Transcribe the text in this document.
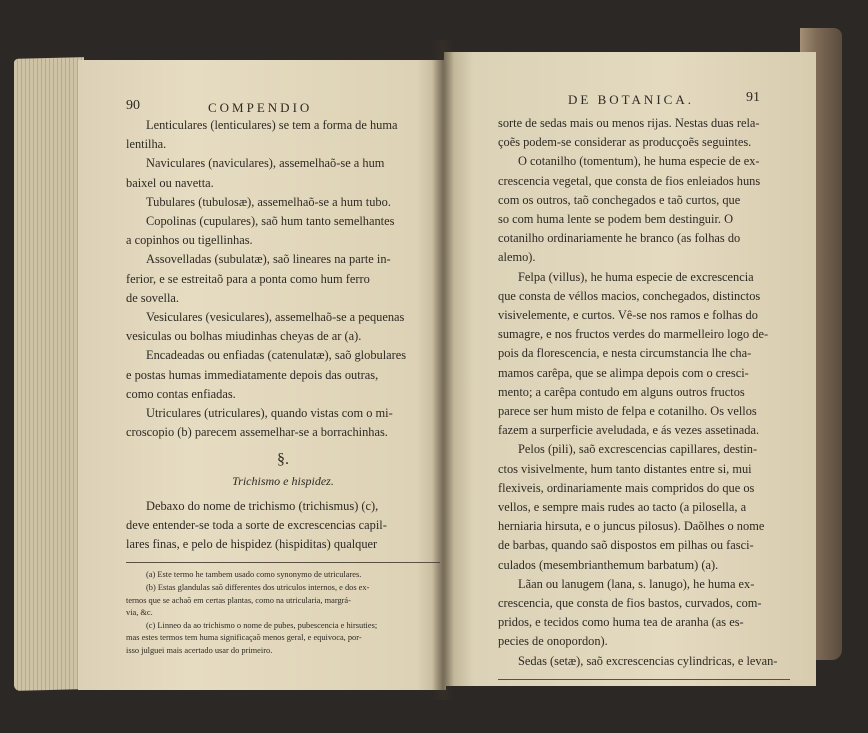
90	COMPENDIO

Lenticulares (lenticulares) se tem a forma de huma

lentilha.

Naviculares (naviculares), assemelhaõ-se a hum

baixel ou navetta.

Tubulares (tubulosæ), assemelhaõ-se a hum tubo.

Copolinas (cupulares), saõ hum tanto semelhantes

a copinhos ou tigellinhas.

Assovelladas (subulatæ), saõ lineares na parte in-

ferior, e se estreitaõ para a ponta como hum ferro

de sovella.

Vesiculares (vesiculares), assemelhaõ-se a pequenas

vesiculas ou bolhas miudinhas cheyas de ar (a).

Encadeadas ou enfiadas (catenulatæ), saõ globulares

e postas humas immediatamente depois das outras,

como contas enfiadas.

Utriculares (utriculares), quando vistas com o mi-

croscopio (b) parecem assemelhar-se a borrachinhas.

§.
Trichismo e hispidez.

Debaxo do nome de trichismo (trichismus) (c),

deve entender-se toda a sorte de excrescencias capil-

lares finas, e pelo de hispidez (hispiditas) qualquer

(a) Este termo he tambem usado como synonymo de utriculares.

(b) Estas glandulas saõ differentes dos utriculos internos, e dos ex-

ternos que se achaõ em certas plantas, como na utricularia, margrá-

via, &c.

(c) Linneo da ao trichismo o nome de pubes, pubescencia e hirsuties;

mas estes termos tem huma significaçaõ menos geral, e equivoca, por-

isso julguei mais acertado usar do primeiro.

DE BOTANICA.	91

sorte de sedas mais ou menos rijas. Nestas duas rela-

çoẽs podem-se considerar as producçoẽs seguintes.

O cotanilho (tomentum), he huma especie de ex-

crescencia vegetal, que consta de fios enleiados huns

com os outros, taõ conchegados e taõ curtos, que

so com huma lente se podem bem destinguir. O

cotanilho ordinariamente he branco (as folhas do

alemo).

Felpa (villus), he huma especie de excrescencia

que consta de véllos macios, conchegados, distinctos

visivelemente, e curtos. Vê-se nos ramos e folhas do

sumagre, e nos fructos verdes do marmelleiro logo de-

pois da florescencia, e nesta circumstancia lhe cha-

mamos carêpa, que se alimpa depois com o cresci-

mento; a carêpa contudo em alguns outros fructos

parece ser hum misto de felpa e cotanilho. Os vellos

fazem a surperficie aveludada, e ás vezes assetinada.

Pelos (pili), saõ excrescencias capillares, destin-

ctos visivelmente, hum tanto distantes entre si, mui

flexiveis, ordinariamente mais compridos do que os

vellos, e sempre mais rudes ao tacto (a pilosella, a

herniaria hirsuta, e o juncus pilosus). Daõlhes o nome

de barbas, quando saõ dispostos em pilhas ou fasci-

culados (mesembrianthemum barbatum) (a).

Lãan ou lanugem (lana, s. lanugo), he huma ex-

crescencia, que consta de fios bastos, curvados, com-

pridos, e tecidos como huma tea de aranha (as es-

pecies de onopordon).

Sedas (setæ), saõ excrescencias cylindricas, e levan-

(a) Da-se tambem algumas vezes este nome aos pelos compridos,

rectos, e parallelos, ainda que naõ se achem em fasciculos.
